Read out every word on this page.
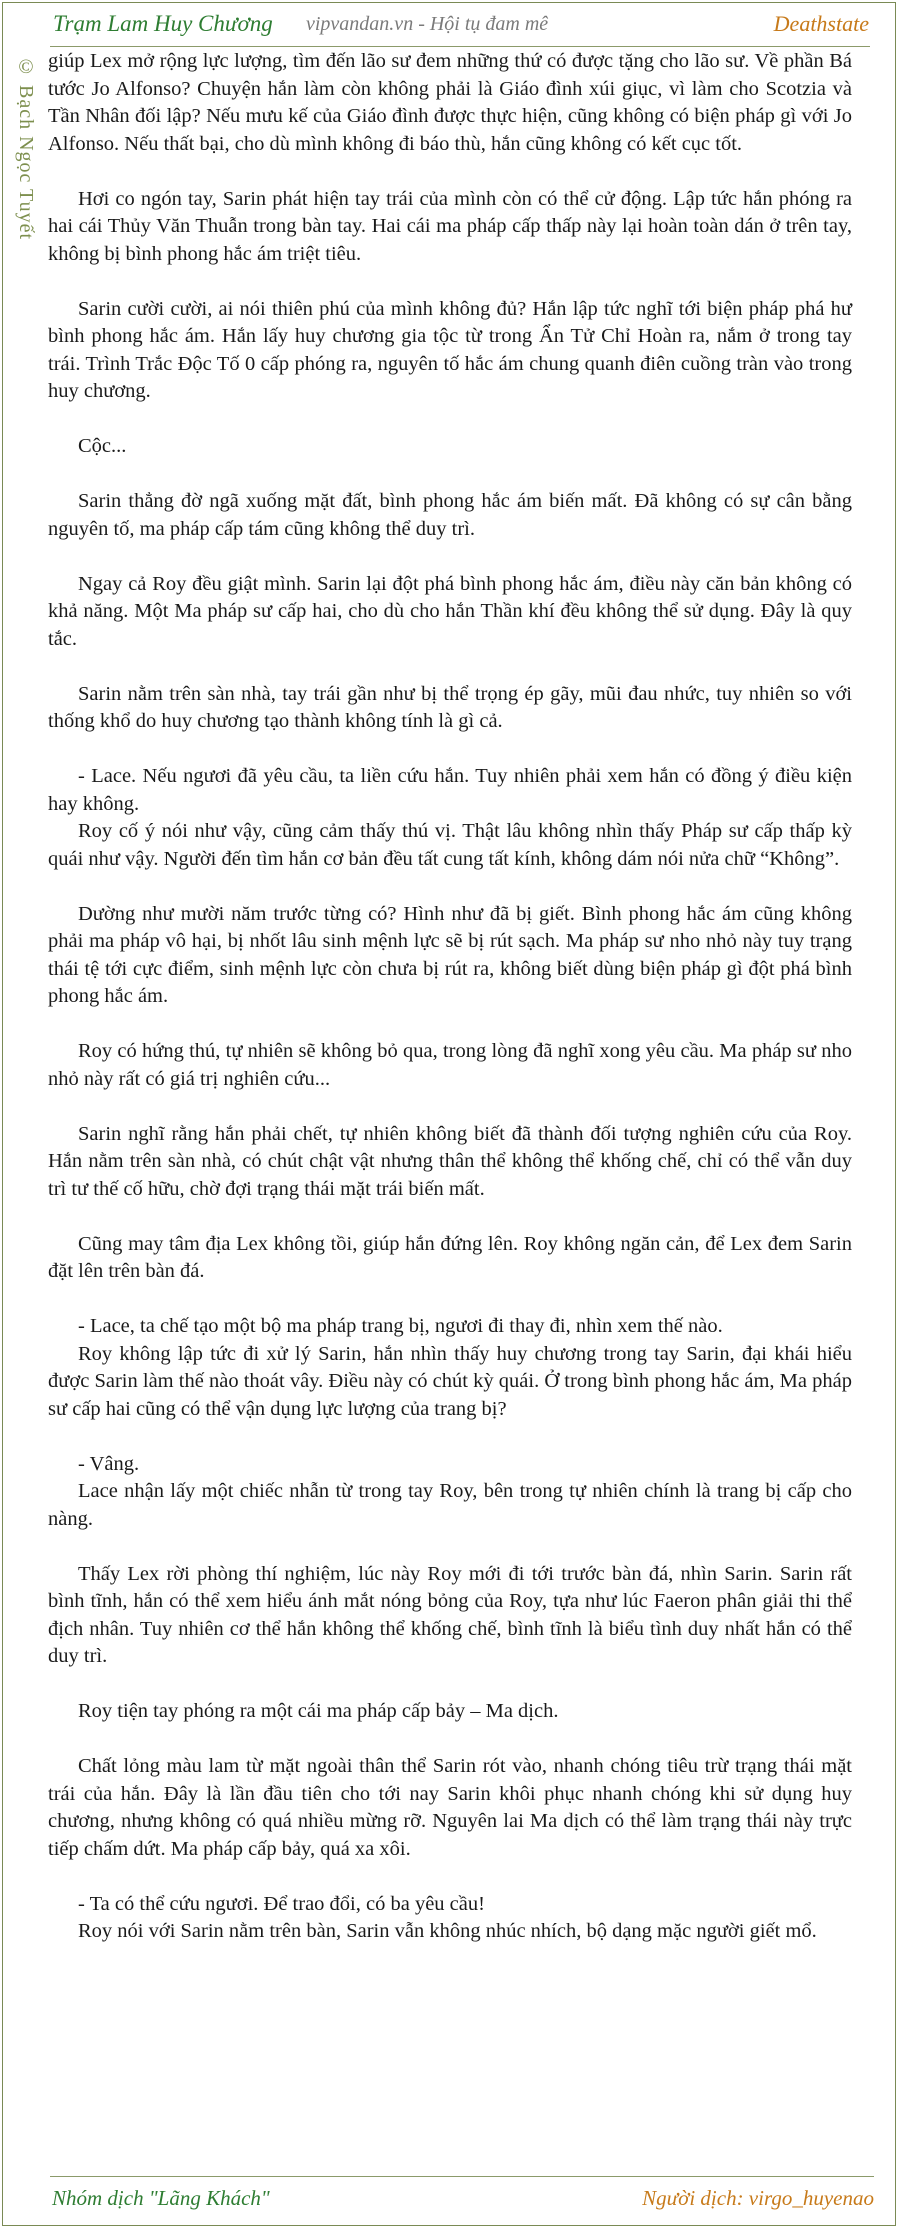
Trạm Lam Huy Chương vipvandan.vn - Hội tụ đam mê	Deathstate
© Bạch Ngọc Tuyết giúp Lex mở rộng lực lượng, tìm đến lão sư đem những thứ có được tặng cho lão sư. Về phần Bá tước Jo Alfonso? Chuyện hắn làm còn không phải là Giáo đình xúi giục, vì làm cho Scotzia và Tần Nhân đối lập? Nếu mưu kế của Giáo đình được thực hiện, cũng không có biện pháp gì với Jo Alfonso. Nếu thất bại, cho dù mình không đi báo thù, hắn cũng không có kết cục tốt.

Hơi co ngón tay, Sarin phát hiện tay trái của mình còn có thể cử động. Lập tức hắn phóng ra hai cái Thủy Văn Thuẫn trong bàn tay. Hai cái ma pháp cấp thấp này lại hoàn toàn dán ở trên tay, không bị bình phong hắc ám triệt tiêu.

Sarin cười cười, ai nói thiên phú của mình không đủ? Hắn lập tức nghĩ tới biện pháp phá hư bình phong hắc ám. Hắn lấy huy chương gia tộc từ trong Ẩn Tử Chỉ Hoàn ra, nắm ở trong tay trái. Trình Trắc Độc Tố 0 cấp phóng ra, nguyên tố hắc ám chung quanh điên cuồng tràn vào trong huy chương.

Cộc...

Sarin thẳng đờ ngã xuống mặt đất, bình phong hắc ám biến mất. Đã không có sự cân bằng nguyên tố, ma pháp cấp tám cũng không thể duy trì.

Ngay cả Roy đều giật mình. Sarin lại đột phá bình phong hắc ám, điều này căn bản không có khả năng. Một Ma pháp sư cấp hai, cho dù cho hắn Thần khí đều không thể sử dụng. Đây là quy tắc.

Sarin nằm trên sàn nhà, tay trái gần như bị thể trọng ép gãy, mũi đau nhức, tuy nhiên so với thống khổ do huy chương tạo thành không tính là gì cả.

- Lace. Nếu ngươi đã yêu cầu, ta liền cứu hắn. Tuy nhiên phải xem hắn có đồng ý điều kiện hay không.

Roy cố ý nói như vậy, cũng cảm thấy thú vị. Thật lâu không nhìn thấy Pháp sư cấp thấp kỳ quái như vậy. Người đến tìm hắn cơ bản đều tất cung tất kính, không dám nói nửa chữ “Không”.

Dường như mười năm trước từng có? Hình như đã bị giết. Bình phong hắc ám cũng không phải ma pháp vô hại, bị nhốt lâu sinh mệnh lực sẽ bị rút sạch. Ma pháp sư nho nhỏ này tuy trạng thái tệ tới cực điểm, sinh mệnh lực còn chưa bị rút ra, không biết dùng biện pháp gì đột phá bình phong hắc ám.

Roy có hứng thú, tự nhiên sẽ không bỏ qua, trong lòng đã nghĩ xong yêu cầu. Ma pháp sư nho nhỏ này rất có giá trị nghiên cứu...

Sarin nghĩ rằng hắn phải chết, tự nhiên không biết đã thành đối tượng nghiên cứu của Roy. Hắn nằm trên sàn nhà, có chút chật vật nhưng thân thể không thể khống chế, chỉ có thể vẫn duy trì tư thế cố hữu, chờ đợi trạng thái mặt trái biến mất.

Cũng may tâm địa Lex không tồi, giúp hắn đứng lên. Roy không ngăn cản, để Lex đem Sarin đặt lên trên bàn đá.

- Lace, ta chế tạo một bộ ma pháp trang bị, ngươi đi thay đi, nhìn xem thế nào.

Roy không lập tức đi xử lý Sarin, hắn nhìn thấy huy chương trong tay Sarin, đại khái hiểu được Sarin làm thế nào thoát vây. Điều này có chút kỳ quái. Ở trong bình phong hắc ám, Ma pháp sư cấp hai cũng có thể vận dụng lực lượng của trang bị?

- Vâng.

Lace nhận lấy một chiếc nhẫn từ trong tay Roy, bên trong tự nhiên chính là trang bị cấp cho nàng.

Thấy Lex rời phòng thí nghiệm, lúc này Roy mới đi tới trước bàn đá, nhìn Sarin. Sarin rất bình tĩnh, hắn có thể xem hiểu ánh mắt nóng bỏng của Roy, tựa như lúc Faeron phân giải thi thể địch nhân. Tuy nhiên cơ thể hắn không thể khống chế, bình tĩnh là biểu tình duy nhất hắn có thể duy trì.

Roy tiện tay phóng ra một cái ma pháp cấp bảy – Ma dịch.

Chất lỏng màu lam từ mặt ngoài thân thể Sarin rót vào, nhanh chóng tiêu trừ trạng thái mặt trái của hắn. Đây là lần đầu tiên cho tới nay Sarin khôi phục nhanh chóng khi sử dụng huy chương, nhưng không có quá nhiều mừng rỡ. Nguyên lai Ma dịch có thể làm trạng thái này trực tiếp chấm dứt. Ma pháp cấp bảy, quá xa xôi.

- Ta có thể cứu ngươi. Để trao đổi, có ba yêu cầu!

Roy nói với Sarin nằm trên bàn, Sarin vẫn không nhúc nhích, bộ dạng mặc người giết mổ.

Nhóm dịch "Lãng Khách"	Người dịch: virgo_huyenao
